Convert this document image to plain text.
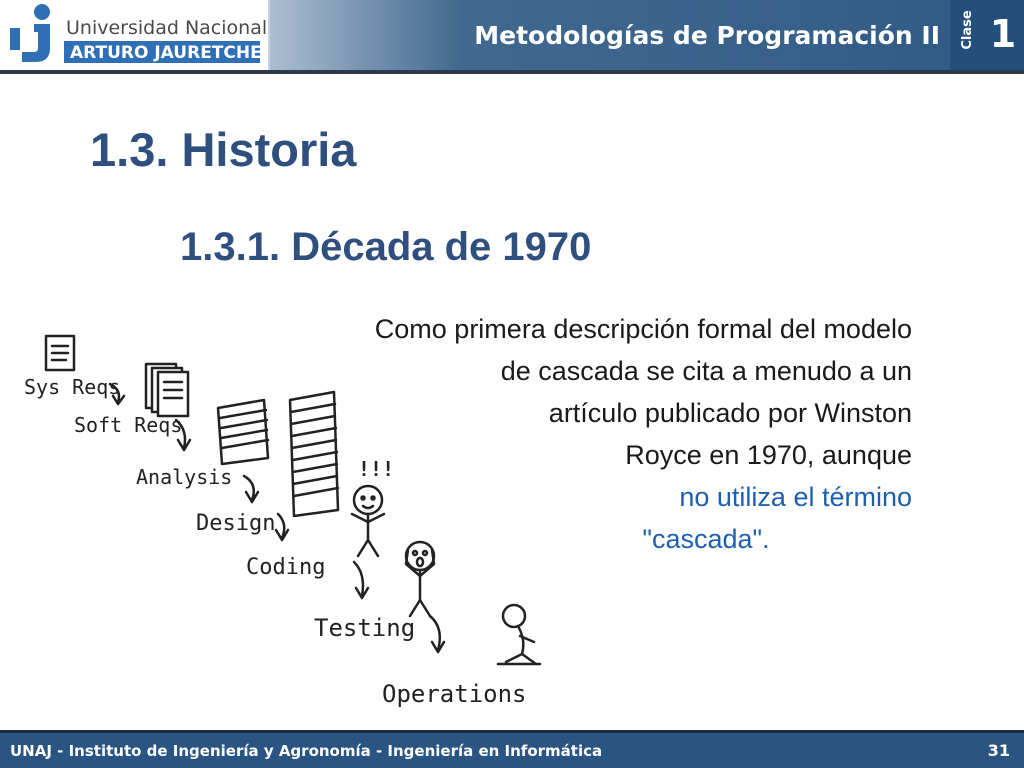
Universidad Nacional
ARTURO JAURETCHE
Metodologías de Programación II Clase 1
1.3. Historia
1.3.1. Década de 1970
Sys Reqs
Soft Reqs
Analysis
Design
Coding
Testing
Operations
!!!
Como primera descripción formal del modelo
de cascada se cita a menudo a un
artículo publicado por Winston
Royce en 1970, aunque
no utiliza el término
"cascada".
UNAJ - Instituto de Ingeniería y Agronomía - Ingeniería en Informática	31
